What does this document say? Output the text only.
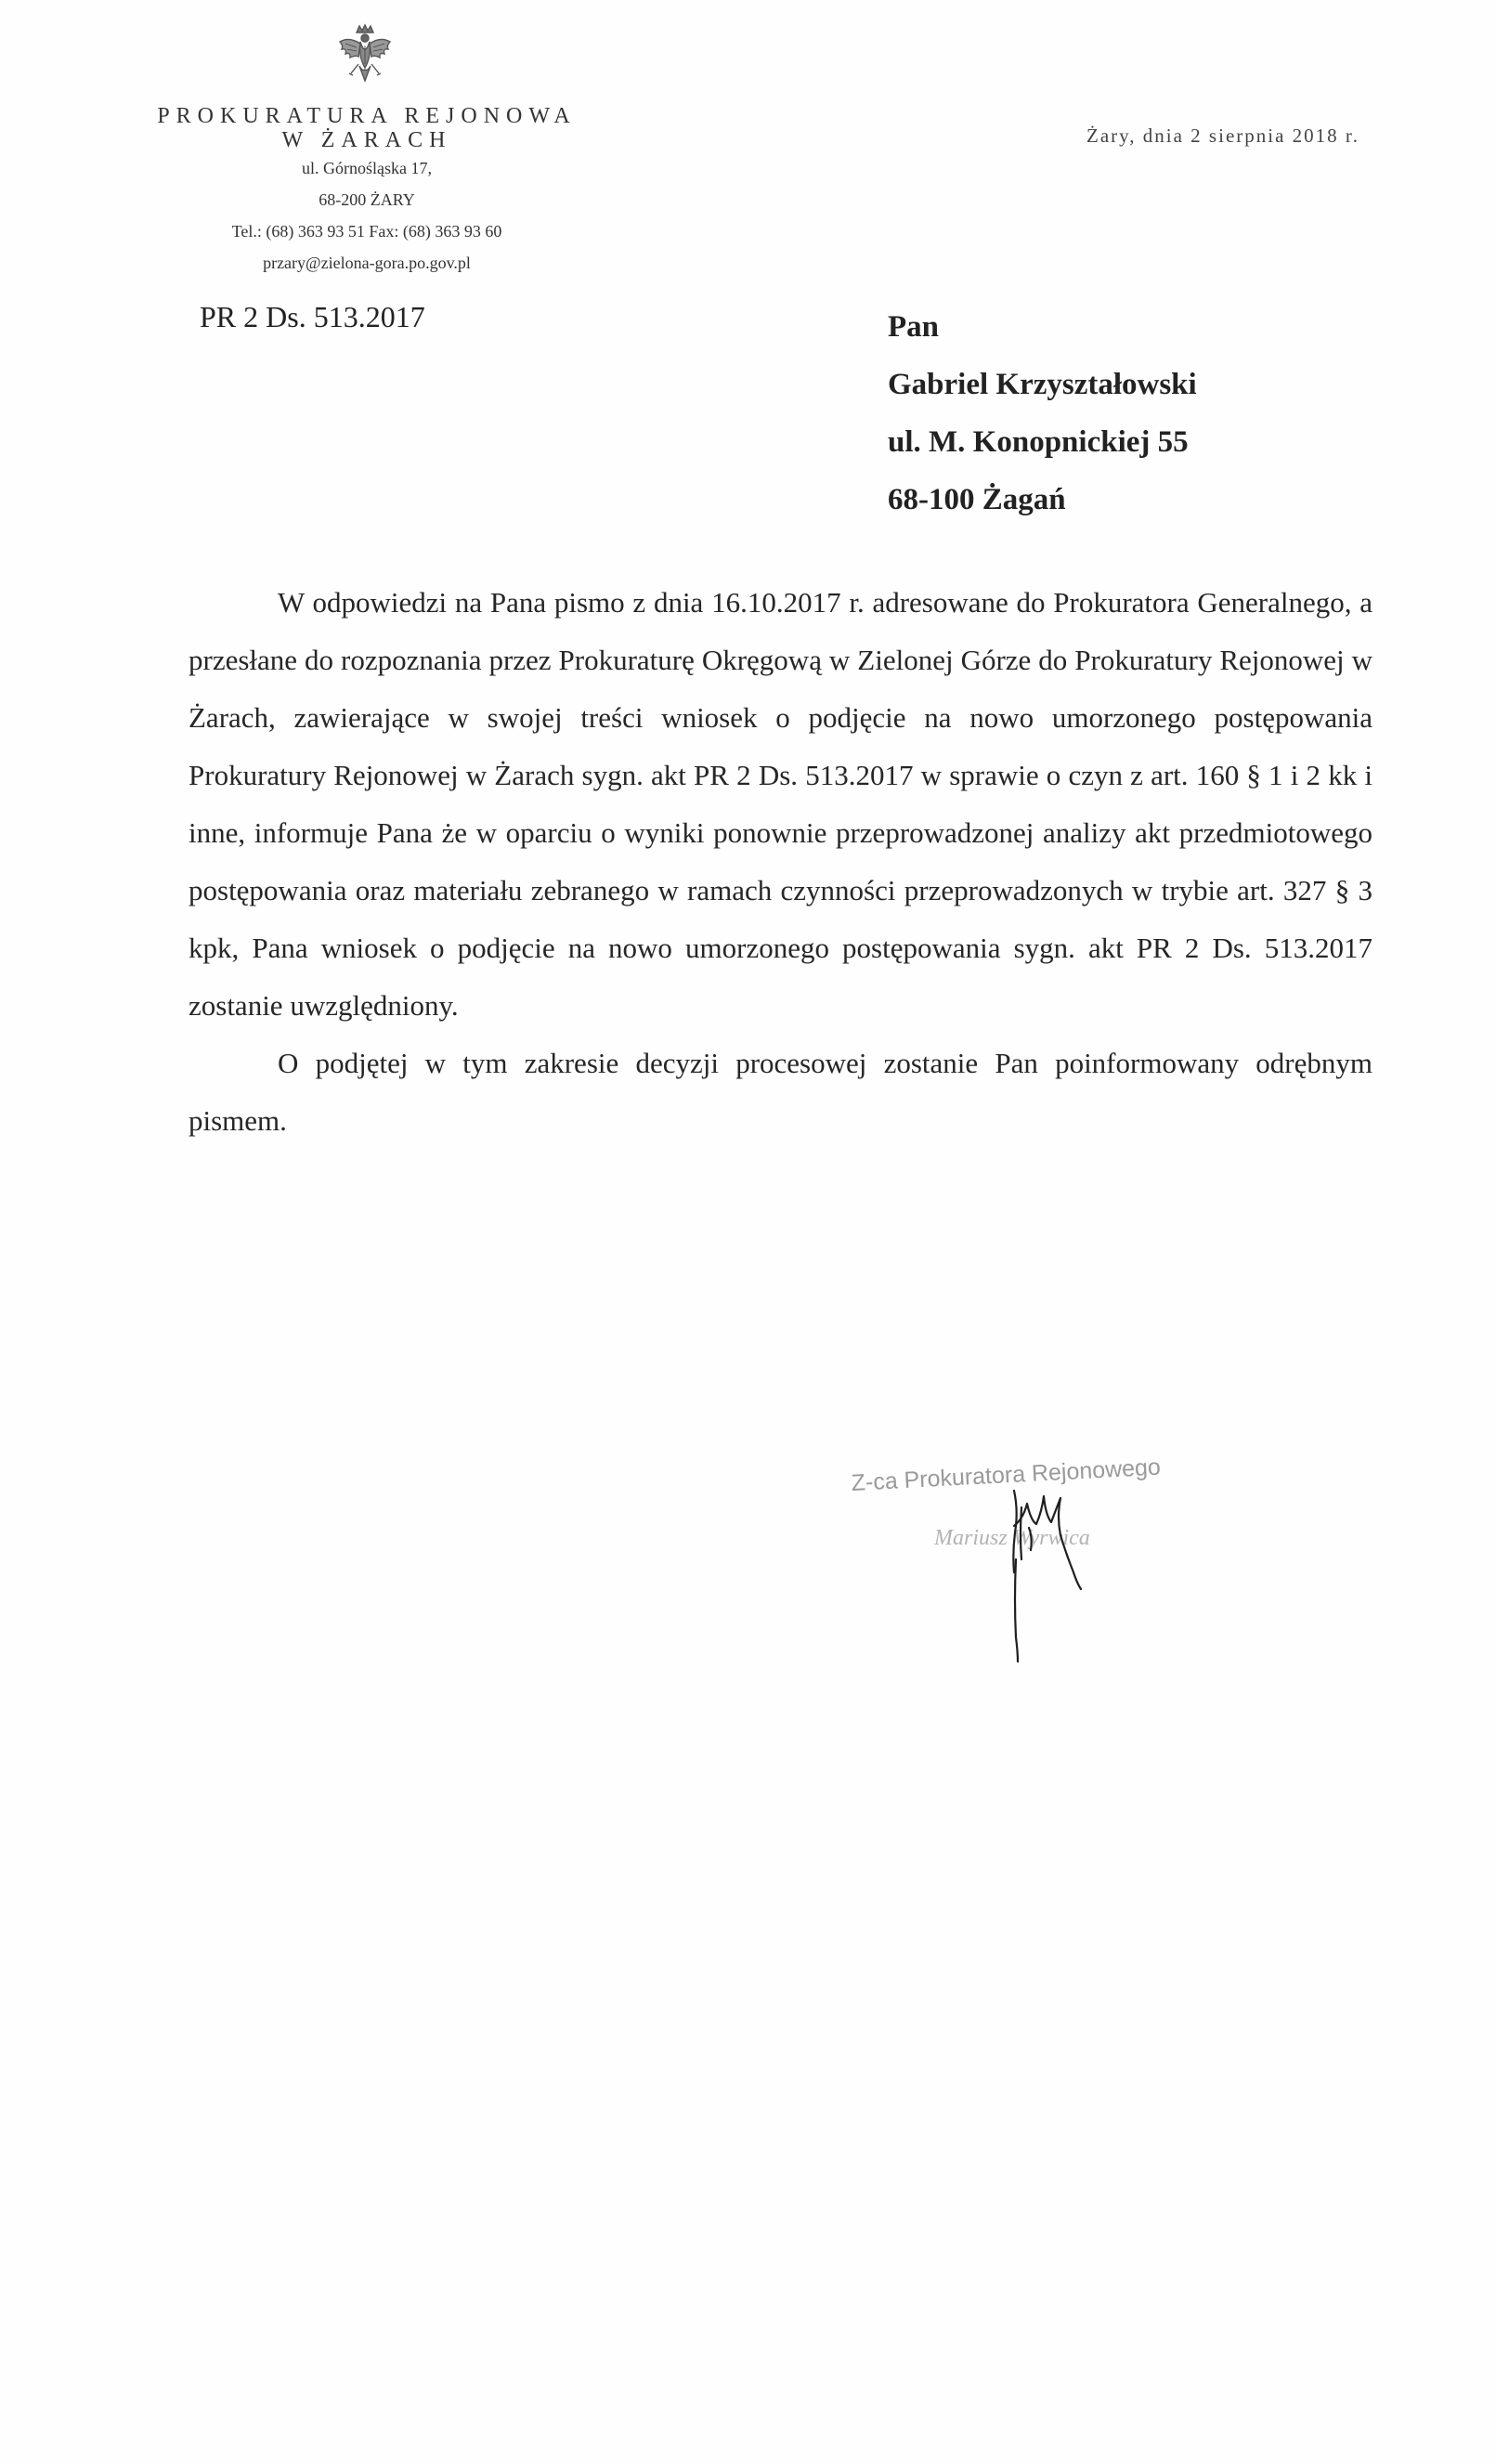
PROKURATURA REJONOWA
W ŻARACH
ul. Górnośląska 17,
68-200 ŻARY
Tel.: (68) 363 93 51 Fax: (68) 363 93 60
przary@zielona-gora.po.gov.pl
PR 2 Ds. 513.2017
Żary, dnia 2 sierpnia 2018 r.
Pan
Gabriel Krzyształowski
ul. M. Konopnickiej 55
68-100 Żagań

W odpowiedzi na Pana pismo z dnia 16.10.2017 r. adresowane do Prokuratora Generalnego, a przesłane do rozpoznania przez Prokuraturę Okręgową w Zielonej Górze do Prokuratury Rejonowej w Żarach, zawierające w swojej treści wniosek o podjęcie na nowo umorzonego postępowania Prokuratury Rejonowej w Żarach sygn. akt PR 2 Ds. 513.2017 w sprawie o czyn z art. 160 § 1 i 2 kk i inne, informuje Pana że w oparciu o wyniki ponownie przeprowadzonej analizy akt przedmiotowego postępowania oraz materiału zebranego w ramach czynności przeprowadzonych w trybie art. 327 § 3 kpk, Pana wniosek o podjęcie na nowo umorzonego postępowania sygn. akt PR 2 Ds. 513.2017 zostanie uwzględniony.

O podjętej w tym zakresie decyzji procesowej zostanie Pan poinformowany odrębnym pismem.

Z-ca Prokuratora Rejonowego
Mariusz Wyrwica
